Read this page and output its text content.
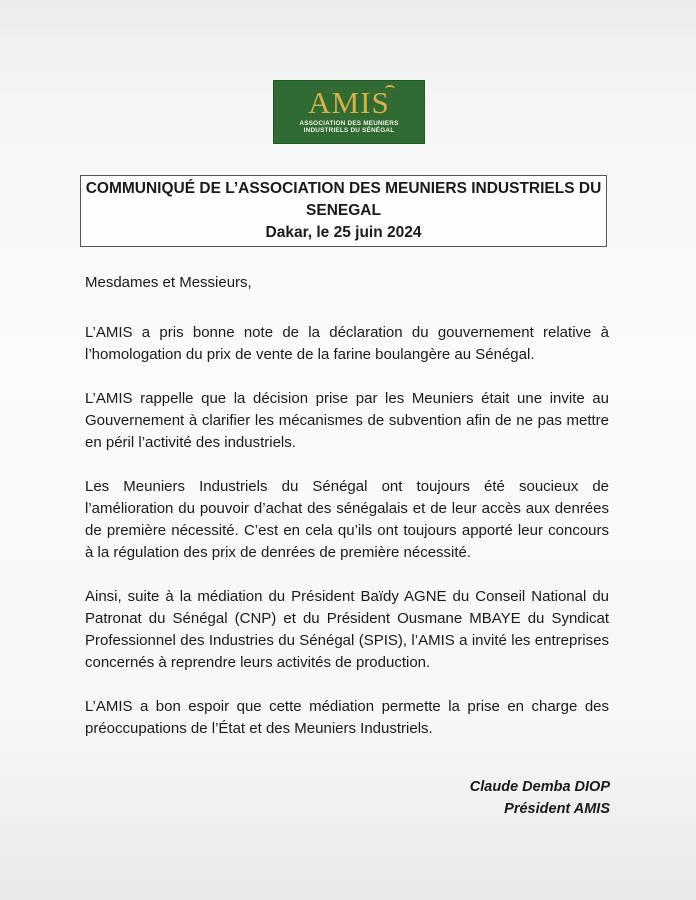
AMIS
ASSOCIATION DES MEUNIERS
INDUSTRIELS DU SÉNÉGAL
COMMUNIQUÉ DE L’ASSOCIATION DES MEUNIERS INDUSTRIELS DU
SENEGAL
Dakar, le 25 juin 2024

Mesdames et Messieurs,

L’AMIS a pris bonne note de la déclaration du gouvernement relative à l’homologation du prix de vente de la farine boulangère au Sénégal.

L’AMIS rappelle que la décision prise par les Meuniers était une invite au Gouvernement à clarifier les mécanismes de subvention afin de ne pas mettre en péril l’activité des industriels.

Les Meuniers Industriels du Sénégal ont toujours été soucieux de l’amélioration du pouvoir d’achat des sénégalais et de leur accès aux denrées de première nécessité. C’est en cela qu’ils ont toujours apporté leur concours à la régulation des prix de denrées de première nécessité.

Ainsi, suite à la médiation du Président Baïdy AGNE du Conseil National du Patronat du Sénégal (CNP) et du Président Ousmane MBAYE du Syndicat Professionnel des Industries du Sénégal (SPIS), l’AMIS a invité les entreprises concernés à reprendre leurs activités de production.

L’AMIS a bon espoir que cette médiation permette la prise en charge des préoccupations de l’État et des Meuniers Industriels.

Claude Demba DIOP
Président AMIS
